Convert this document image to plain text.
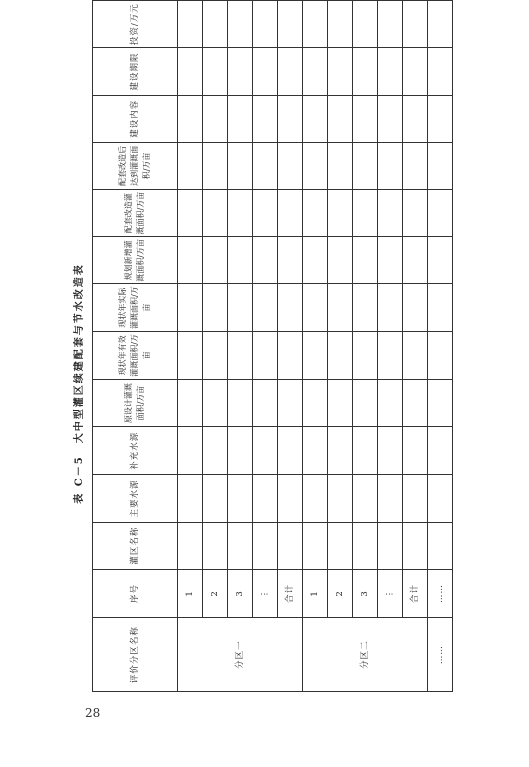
表 C－5　大中型灌区续建配套与节水改造表
评价分区名称	序号	灌区名称	主要水源	补充水源	原设计灌溉面积/万亩	现状年有效灌溉面积/万亩	现状年实际灌溉面积/万亩	规划新增灌溉面积/万亩	配套改造灌溉面积/万亩	配套改造后达到灌溉面积/万亩	建设内容	建设期限	投资/万元
分区一	1												
	2												
	3												
	⋮												
	合计												
分区二	1												
	2												
	3												
	⋮												
	合计												
……	……												
28
